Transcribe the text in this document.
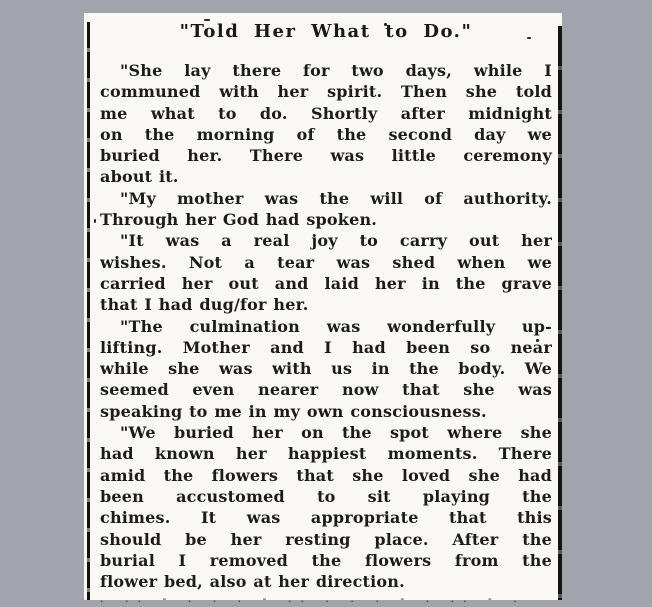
"Told Her What to Do."
"She lay there for two days, while I
communed with her spirit. Then she told
me what to do. Shortly after midnight
on the morning of the second day we
buried her. There was little ceremony
about it.
"My mother was the will of authority.
Through her God had spoken.
"It was a real joy to carry out her
wishes. Not a tear was shed when we
carried her out and laid her in the grave
that I had dug/for her.
"The culmination was wonderfully up-
lifting. Mother and I had been so near
while she was with us in the body. We
seemed even nearer now that she was
speaking to me in my own consciousness.
"We buried her on the spot where she
had known her happiest moments. There
amid the flowers that she loved she had
been accustomed to sit playing the
chimes. It was appropriate that this
should be her resting place. After the
burial I removed the flowers from the
flower bed, also at her direction.
. .. - . . . - .. . . . - . .. - .
